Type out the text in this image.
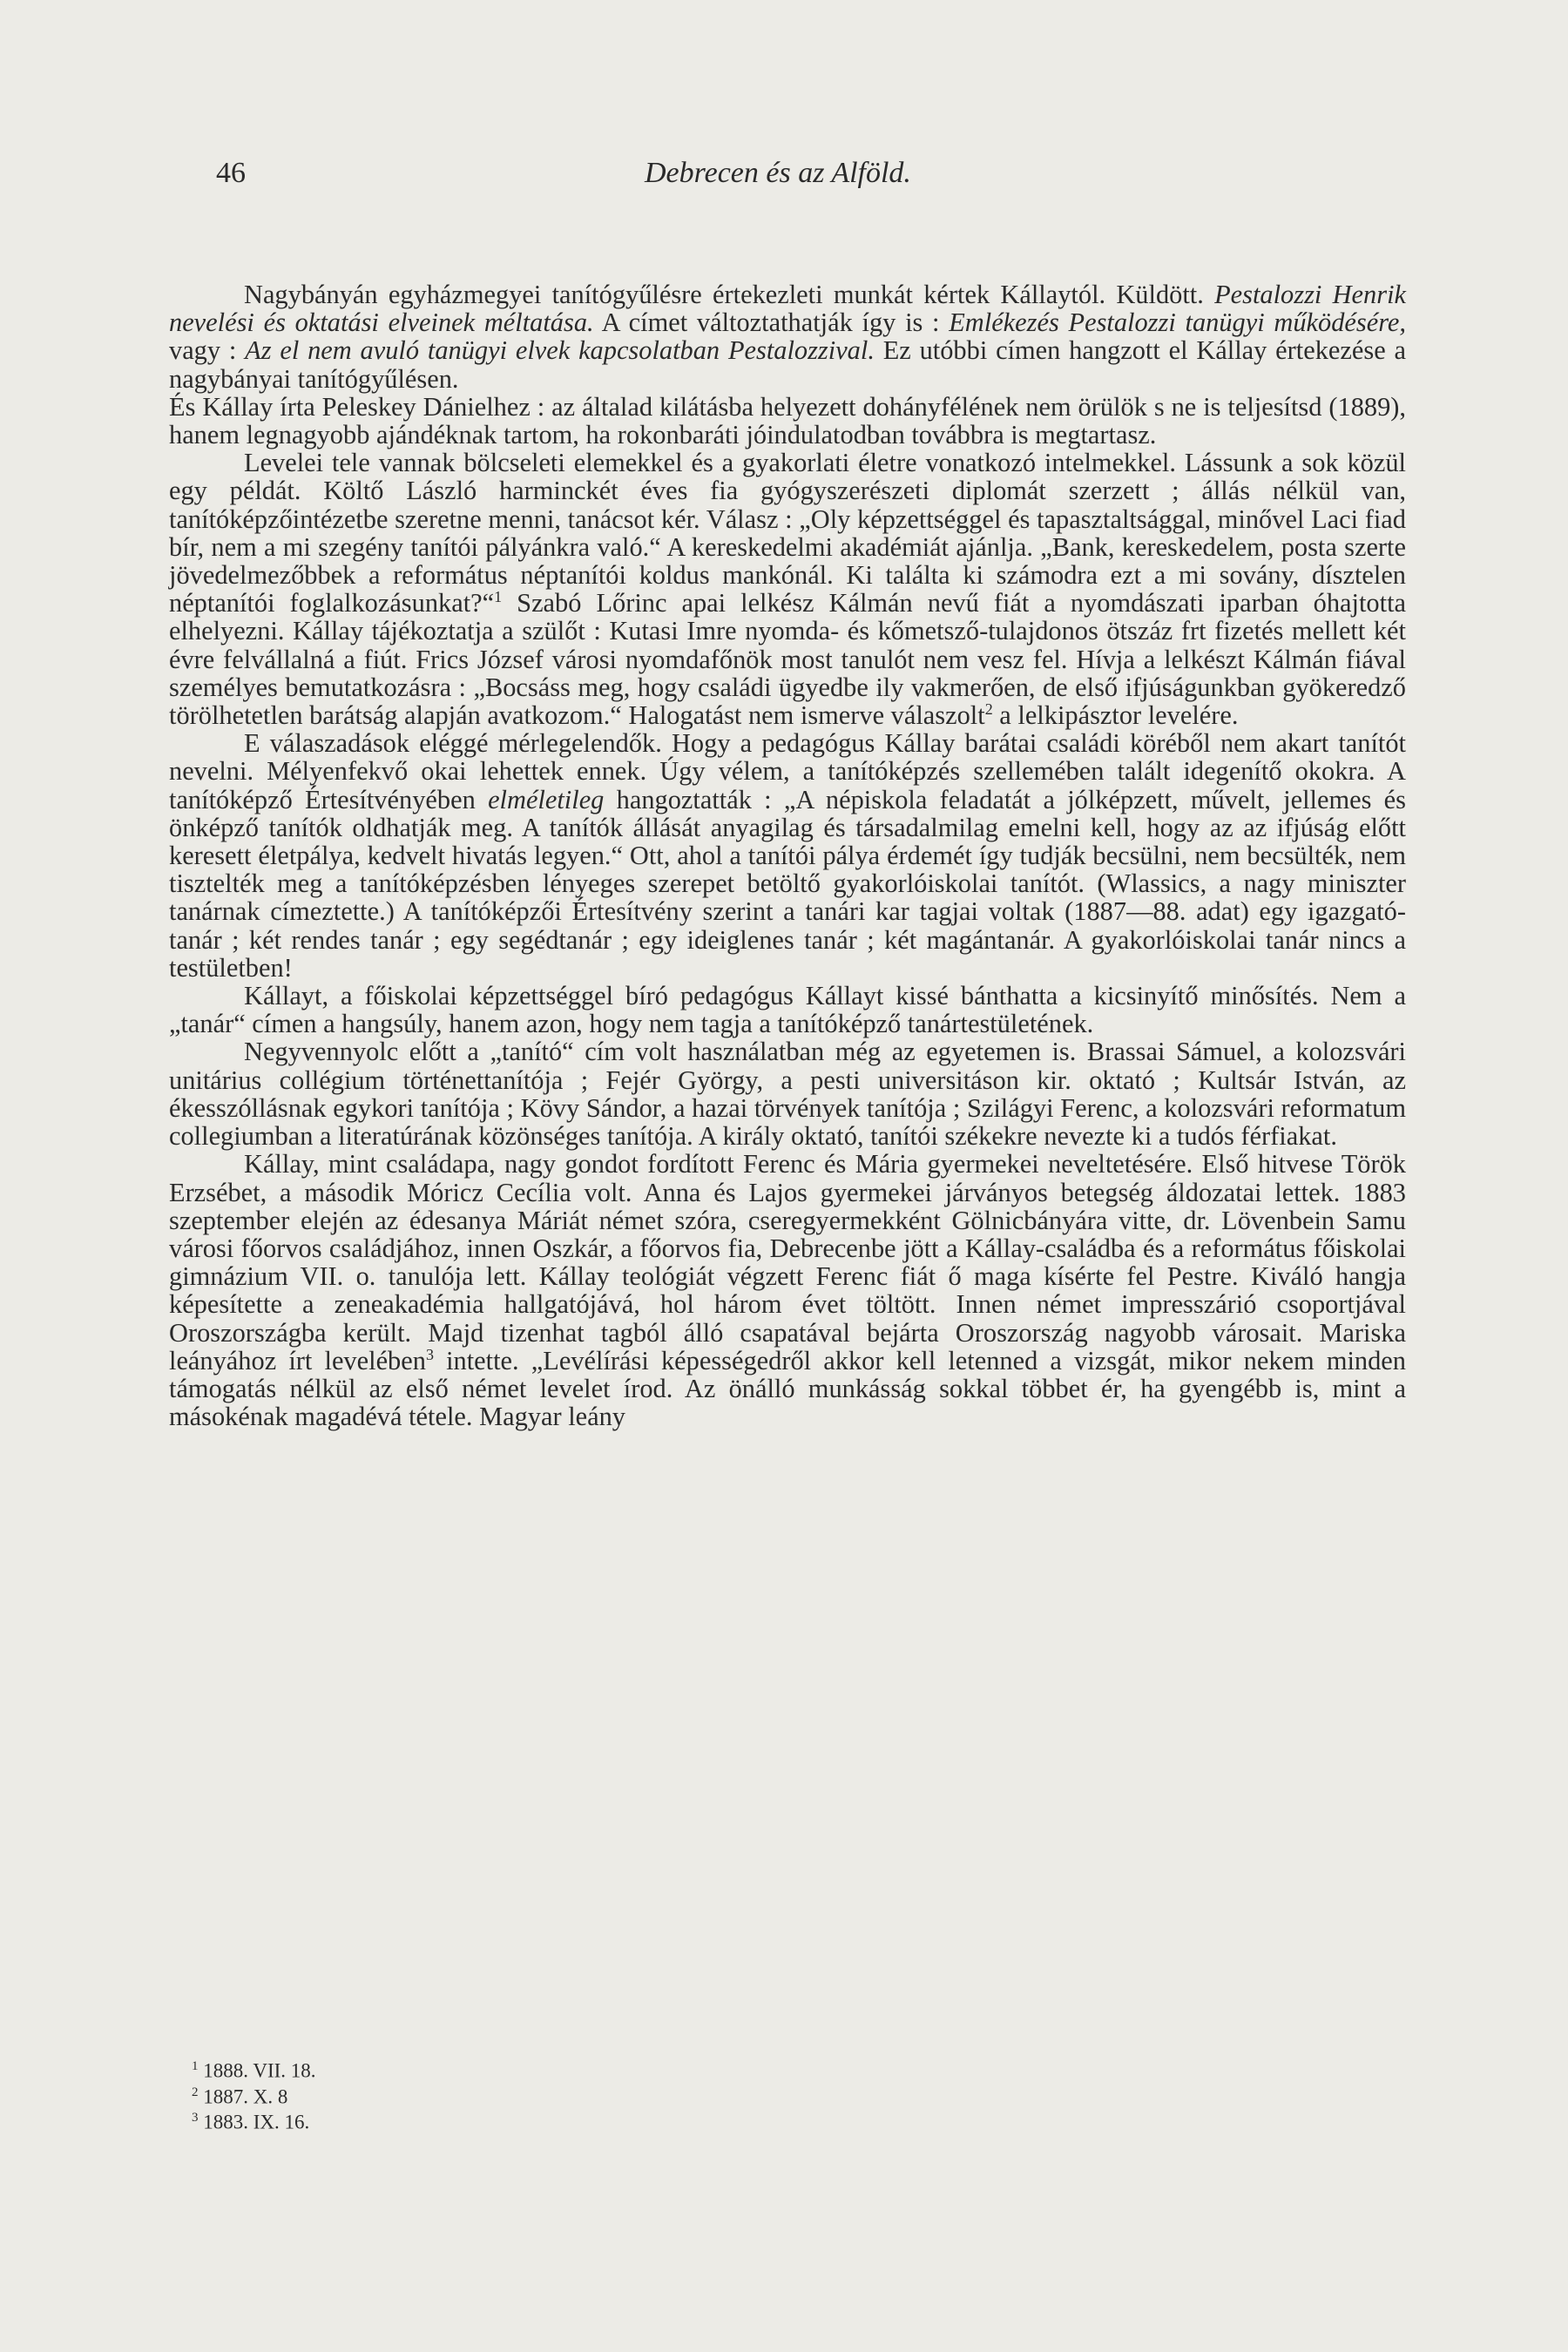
46	Debrecen és az Alföld.

Nagybányán egyházmegyei tanítógyűlésre értekezleti munkát kértek Kállaytól. Küldött. Pestalozzi Henrik nevelési és oktatási elveinek méltatása. A címet változtathatják így is : Emlékezés Pestalozzi tanügyi működésére, vagy : Az el nem avuló tanügyi elvek kapcsolatban Pestalozzival. Ez utóbbi címen hangzott el Kállay értekezése a nagybányai tanítógyűlésen.

És Kállay írta Peleskey Dánielhez : az általad kilátásba helyezett dohányfélének nem örülök s ne is teljesítsd (1889), hanem legnagyobb ajándéknak tartom, ha rokonbaráti jóindulatodban továbbra is megtartasz.

Levelei tele vannak bölcseleti elemekkel és a gyakorlati életre vonatkozó intelmekkel. Lássunk a sok közül egy példát. Költő László harminckét éves fia gyógyszerészeti diplomát szerzett ; állás nélkül van, tanítóképzőintézetbe szeretne menni, tanácsot kér. Válasz : „Oly képzettséggel és tapasztaltsággal, minővel Laci fiad bír, nem a mi szegény tanítói pályánkra való.“ A kereskedelmi akadémiát ajánlja. „Bank, kereskedelem, posta szerte jövedelmezőbbek a református néptanítói koldus mankónál. Ki találta ki számodra ezt a mi sovány, dísztelen néptanítói foglalkozásunkat?“$^1$ Szabó Lőrinc apai lelkész Kálmán nevű fiát a nyomdászati iparban óhajtotta elhelyezni. Kállay tájékoztatja a szülőt : Kutasi Imre nyomda- és kőmetsző-tulajdonos ötszáz frt fizetés mellett két évre felvállalná a fiút. Frics József városi nyomdafőnök most tanulót nem vesz fel. Hívja a lelkészt Kálmán fiával személyes bemutatkozásra : „Bocsáss meg, hogy családi ügyedbe ily vakmerően, de első ifjúságunkban gyökeredző törölhetetlen barátság alapján avatkozom.“ Halogatást nem ismerve válaszolt$^2$ a lelkipásztor levelére.

E válaszadások eléggé mérlegelendők. Hogy a pedagógus Kállay barátai családi köréből nem akart tanítót nevelni. Mélyenfekvő okai lehettek ennek. Úgy vélem, a tanítóképzés szellemében talált idegenítő okokra. A tanítóképző Értesítvényében elméletileg hangoztatták : „A népiskola feladatát a jólképzett, művelt, jellemes és önképző tanítók oldhatják meg. A tanítók állását anyagilag és társadalmilag emelni kell, hogy az az ifjúság előtt keresett életpálya, kedvelt hivatás legyen.“ Ott, ahol a tanítói pálya érdemét így tudják becsülni, nem becsülték, nem tisztelték meg a tanítóképzésben lényeges szerepet betöltő gyakorlóiskolai tanítót. (Wlassics, a nagy miniszter tanárnak címeztette.) A tanítóképzői Értesítvény szerint a tanári kar tagjai voltak (1887—88. adat) egy igazgató-tanár ; két rendes tanár ; egy segédtanár ; egy ideiglenes tanár ; két magántanár. A gyakorlóiskolai tanár nincs a testületben!

Kállayt, a főiskolai képzettséggel bíró pedagógus Kállayt kissé bánthatta a kicsinyítő minősítés. Nem a „tanár“ címen a hangsúly, hanem azon, hogy nem tagja a tanítóképző tanártestületének.

Negyvennyolc előtt a „tanító“ cím volt használatban még az egyetemen is. Brassai Sámuel, a kolozsvári unitárius collégium történettanítója ; Fejér György, a pesti universitáson kir. oktató ; Kultsár István, az ékesszóllásnak egykori tanítója ; Kövy Sándor, a hazai törvények tanítója ; Szilágyi Ferenc, a kolozsvári reformatum collegiumban a literatúrának közönséges tanítója. A király oktató, tanítói székekre nevezte ki a tudós férfiakat.

Kállay, mint családapa, nagy gondot fordított Ferenc és Mária gyermekei neveltetésére. Első hitvese Török Erzsébet, a második Móricz Cecília volt. Anna és Lajos gyermekei járványos betegség áldozatai lettek. 1883 szeptember elején az édesanya Máriát német szóra, cseregyermekként Gölnicbányára vitte, dr. Lövenbein Samu városi főorvos családjához, innen Oszkár, a főorvos fia, Debrecenbe jött a Kállay-családba és a református főiskolai gimnázium VII. o. tanulója lett. Kállay teológiát végzett Ferenc fiát ő maga kísérte fel Pestre. Kiváló hangja képesítette a zeneakadémia hallgatójává, hol három évet töltött. Innen német impresszárió csoportjával Oroszországba került. Majd tizenhat tagból álló csapatával bejárta Oroszország nagyobb városait. Mariska leányához írt levelében$^3$ intette. „Levélírási képességedről akkor kell letenned a vizsgát, mikor nekem minden támogatás nélkül az első német levelet írod. Az önálló munkásság sokkal többet ér, ha gyengébb is, mint a másokénak magadévá tétele. Magyar leány

$^1$ 1888. VII. 18.
$^2$ 1887. X. 8
$^3$ 1883. IX. 16.
